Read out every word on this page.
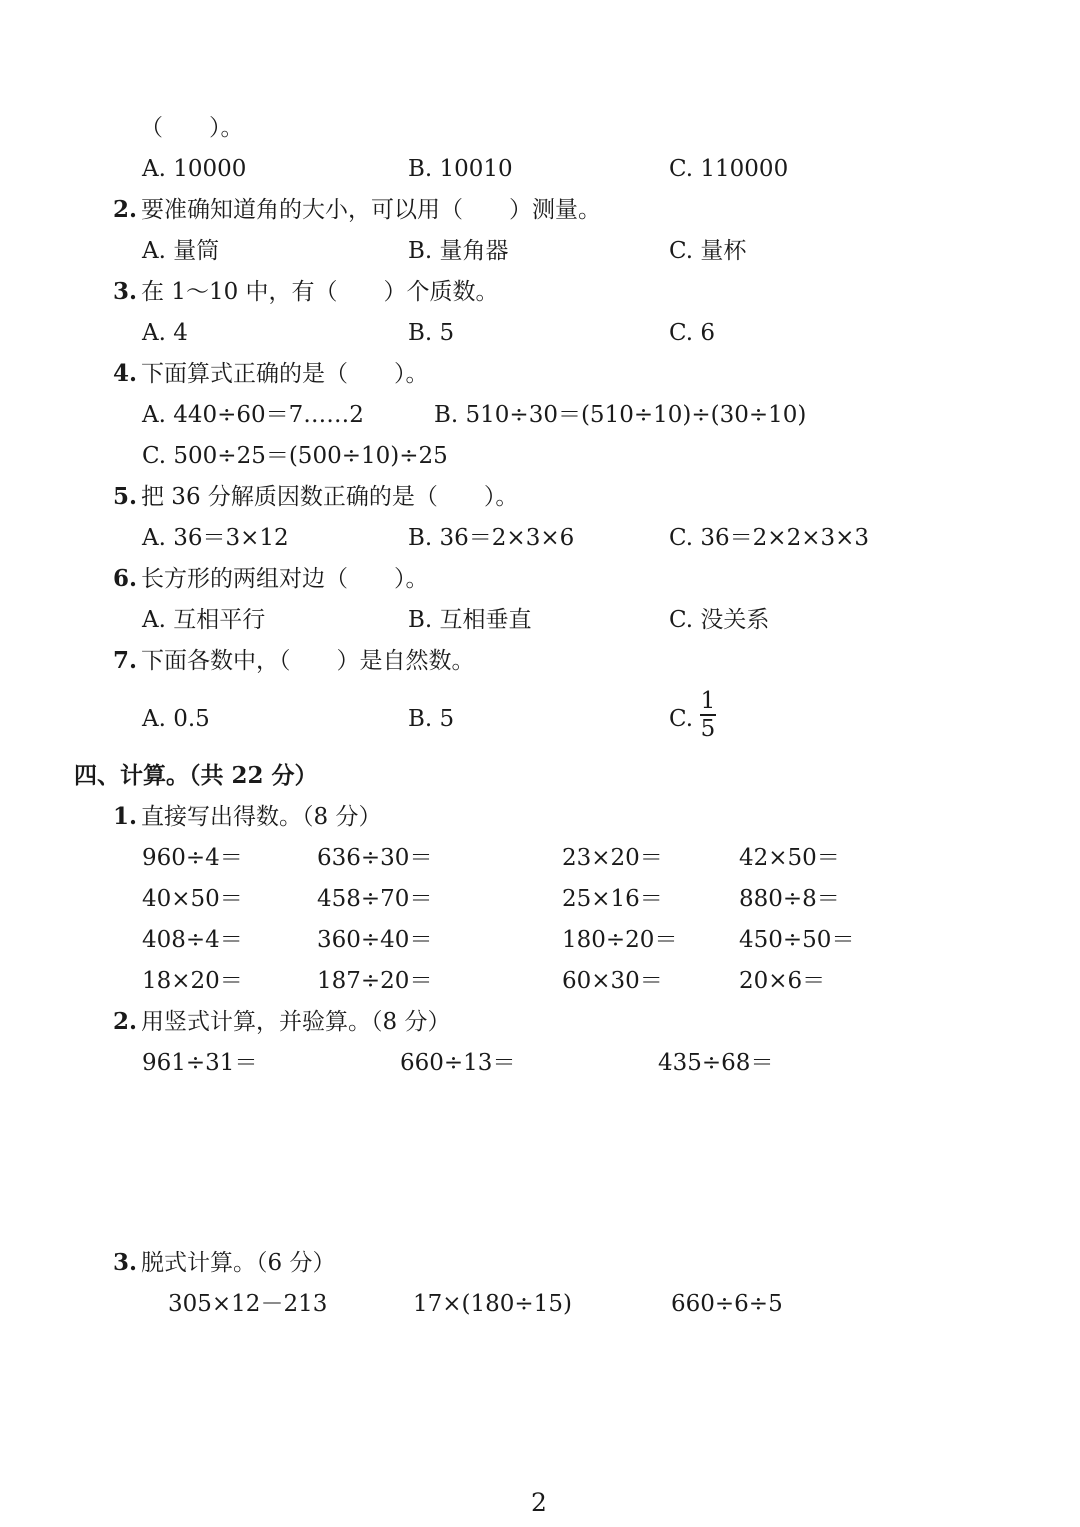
（　　）。
A. 10000	B. 10010	C. 110000
2. 要准确知道角的大小，可以用（　　）测量。
A. 量筒	B. 量角器	C. 量杯
3. 在 1～10 中，有（　　）个质数。
A. 4	B. 5	C. 6
4. 下面算式正确的是（　　）。
A. 440÷60＝7……2	B. 510÷30＝(510÷10)÷(30÷10)
C. 500÷25＝(500÷10)÷25
5. 把 36 分解质因数正确的是（　　）。
A. 36＝3×12	B. 36＝2×3×6	C. 36＝2×2×3×3
6. 长方形的两组对边（　　）。
A. 互相平行	B. 互相垂直	C. 没关系
7. 下面各数中，（　　）是自然数。
A. 0.5	B. 5	C.
1
5
四、计算。（共 22 分）
1. 直接写出得数。（8 分）
960÷4＝	636÷30＝	23×20＝	42×50＝
40×50＝	458÷70＝	25×16＝	880÷8＝
408÷4＝	360÷40＝	180÷20＝	450÷50＝
18×20＝	187÷20＝	60×30＝	20×6＝
2. 用竖式计算，并验算。（8 分）
961÷31＝	660÷13＝	435÷68＝
3. 脱式计算。（6 分）
305×12－213	17×(180÷15)	660÷6÷5
2
